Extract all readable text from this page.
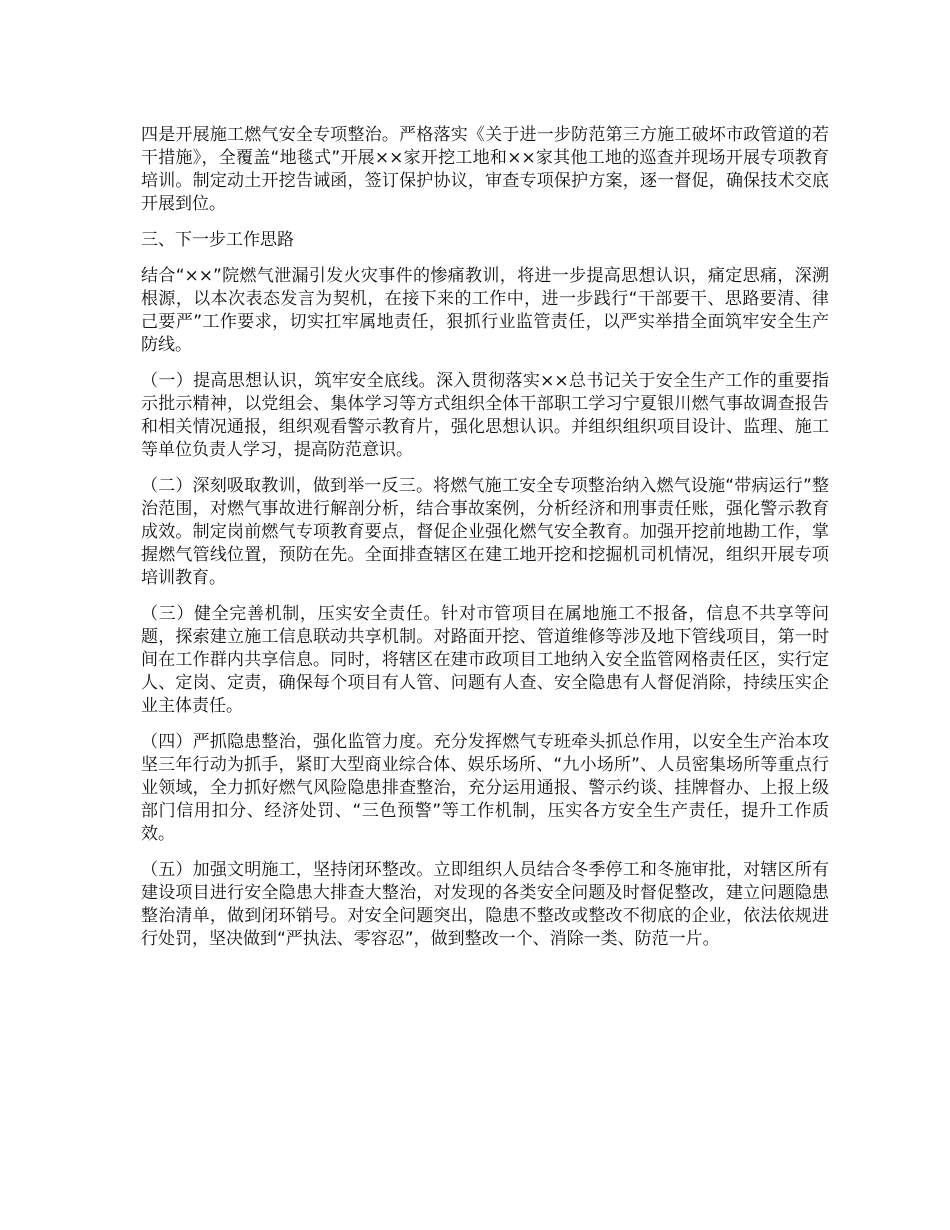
四是开展施工燃气安全专项整治。严格落实《关于进一步防范第三方施工破坏市政管道的若干措施》，全覆盖“地毯式”开展××家开挖工地和××家其他工地的巡查并现场开展专项教育培训。制定动土开挖告诫函，签订保护协议，审查专项保护方案，逐一督促，确保技术交底开展到位。

三、下一步工作思路

结合“××”院燃气泄漏引发火灾事件的惨痛教训，将进一步提高思想认识，痛定思痛，深溯根源，以本次表态发言为契机，在接下来的工作中，进一步践行“干部要干、思路要清、律己要严”工作要求，切实扛牢属地责任，狠抓行业监管责任，以严实举措全面筑牢安全生产防线。

（一）提高思想认识，筑牢安全底线。深入贯彻落实××总书记关于安全生产工作的重要指示批示精神，以党组会、集体学习等方式组织全体干部职工学习宁夏银川燃气事故调查报告和相关情况通报，组织观看警示教育片，强化思想认识。并组织组织项目设计、监理、施工等单位负责人学习，提高防范意识。

（二）深刻吸取教训，做到举一反三。将燃气施工安全专项整治纳入燃气设施“带病运行”整治范围，对燃气事故进行解剖分析，结合事故案例，分析经济和刑事责任账，强化警示教育成效。制定岗前燃气专项教育要点，督促企业强化燃气安全教育。加强开挖前地勘工作，掌握燃气管线位置，预防在先。全面排查辖区在建工地开挖和挖掘机司机情况，组织开展专项培训教育。

（三）健全完善机制，压实安全责任。针对市管项目在属地施工不报备，信息不共享等问题，探索建立施工信息联动共享机制。对路面开挖、管道维修等涉及地下管线项目，第一时间在工作群内共享信息。同时，将辖区在建市政项目工地纳入安全监管网格责任区，实行定人、定岗、定责，确保每个项目有人管、问题有人查、安全隐患有人督促消除，持续压实企业主体责任。

（四）严抓隐患整治，强化监管力度。充分发挥燃气专班牵头抓总作用，以安全生产治本攻坚三年行动为抓手，紧盯大型商业综合体、娱乐场所、“九小场所”、人员密集场所等重点行业领域，全力抓好燃气风险隐患排查整治，充分运用通报、警示约谈、挂牌督办、上报上级部门信用扣分、经济处罚、“三色预警”等工作机制，压实各方安全生产责任，提升工作质效。

（五）加强文明施工，坚持闭环整改。立即组织人员结合冬季停工和冬施审批，对辖区所有建设项目进行安全隐患大排查大整治，对发现的各类安全问题及时督促整改，建立问题隐患整治清单，做到闭环销号。对安全问题突出，隐患不整改或整改不彻底的企业，依法依规进行处罚，坚决做到“严执法、零容忍”，做到整改一个、消除一类、防范一片。
